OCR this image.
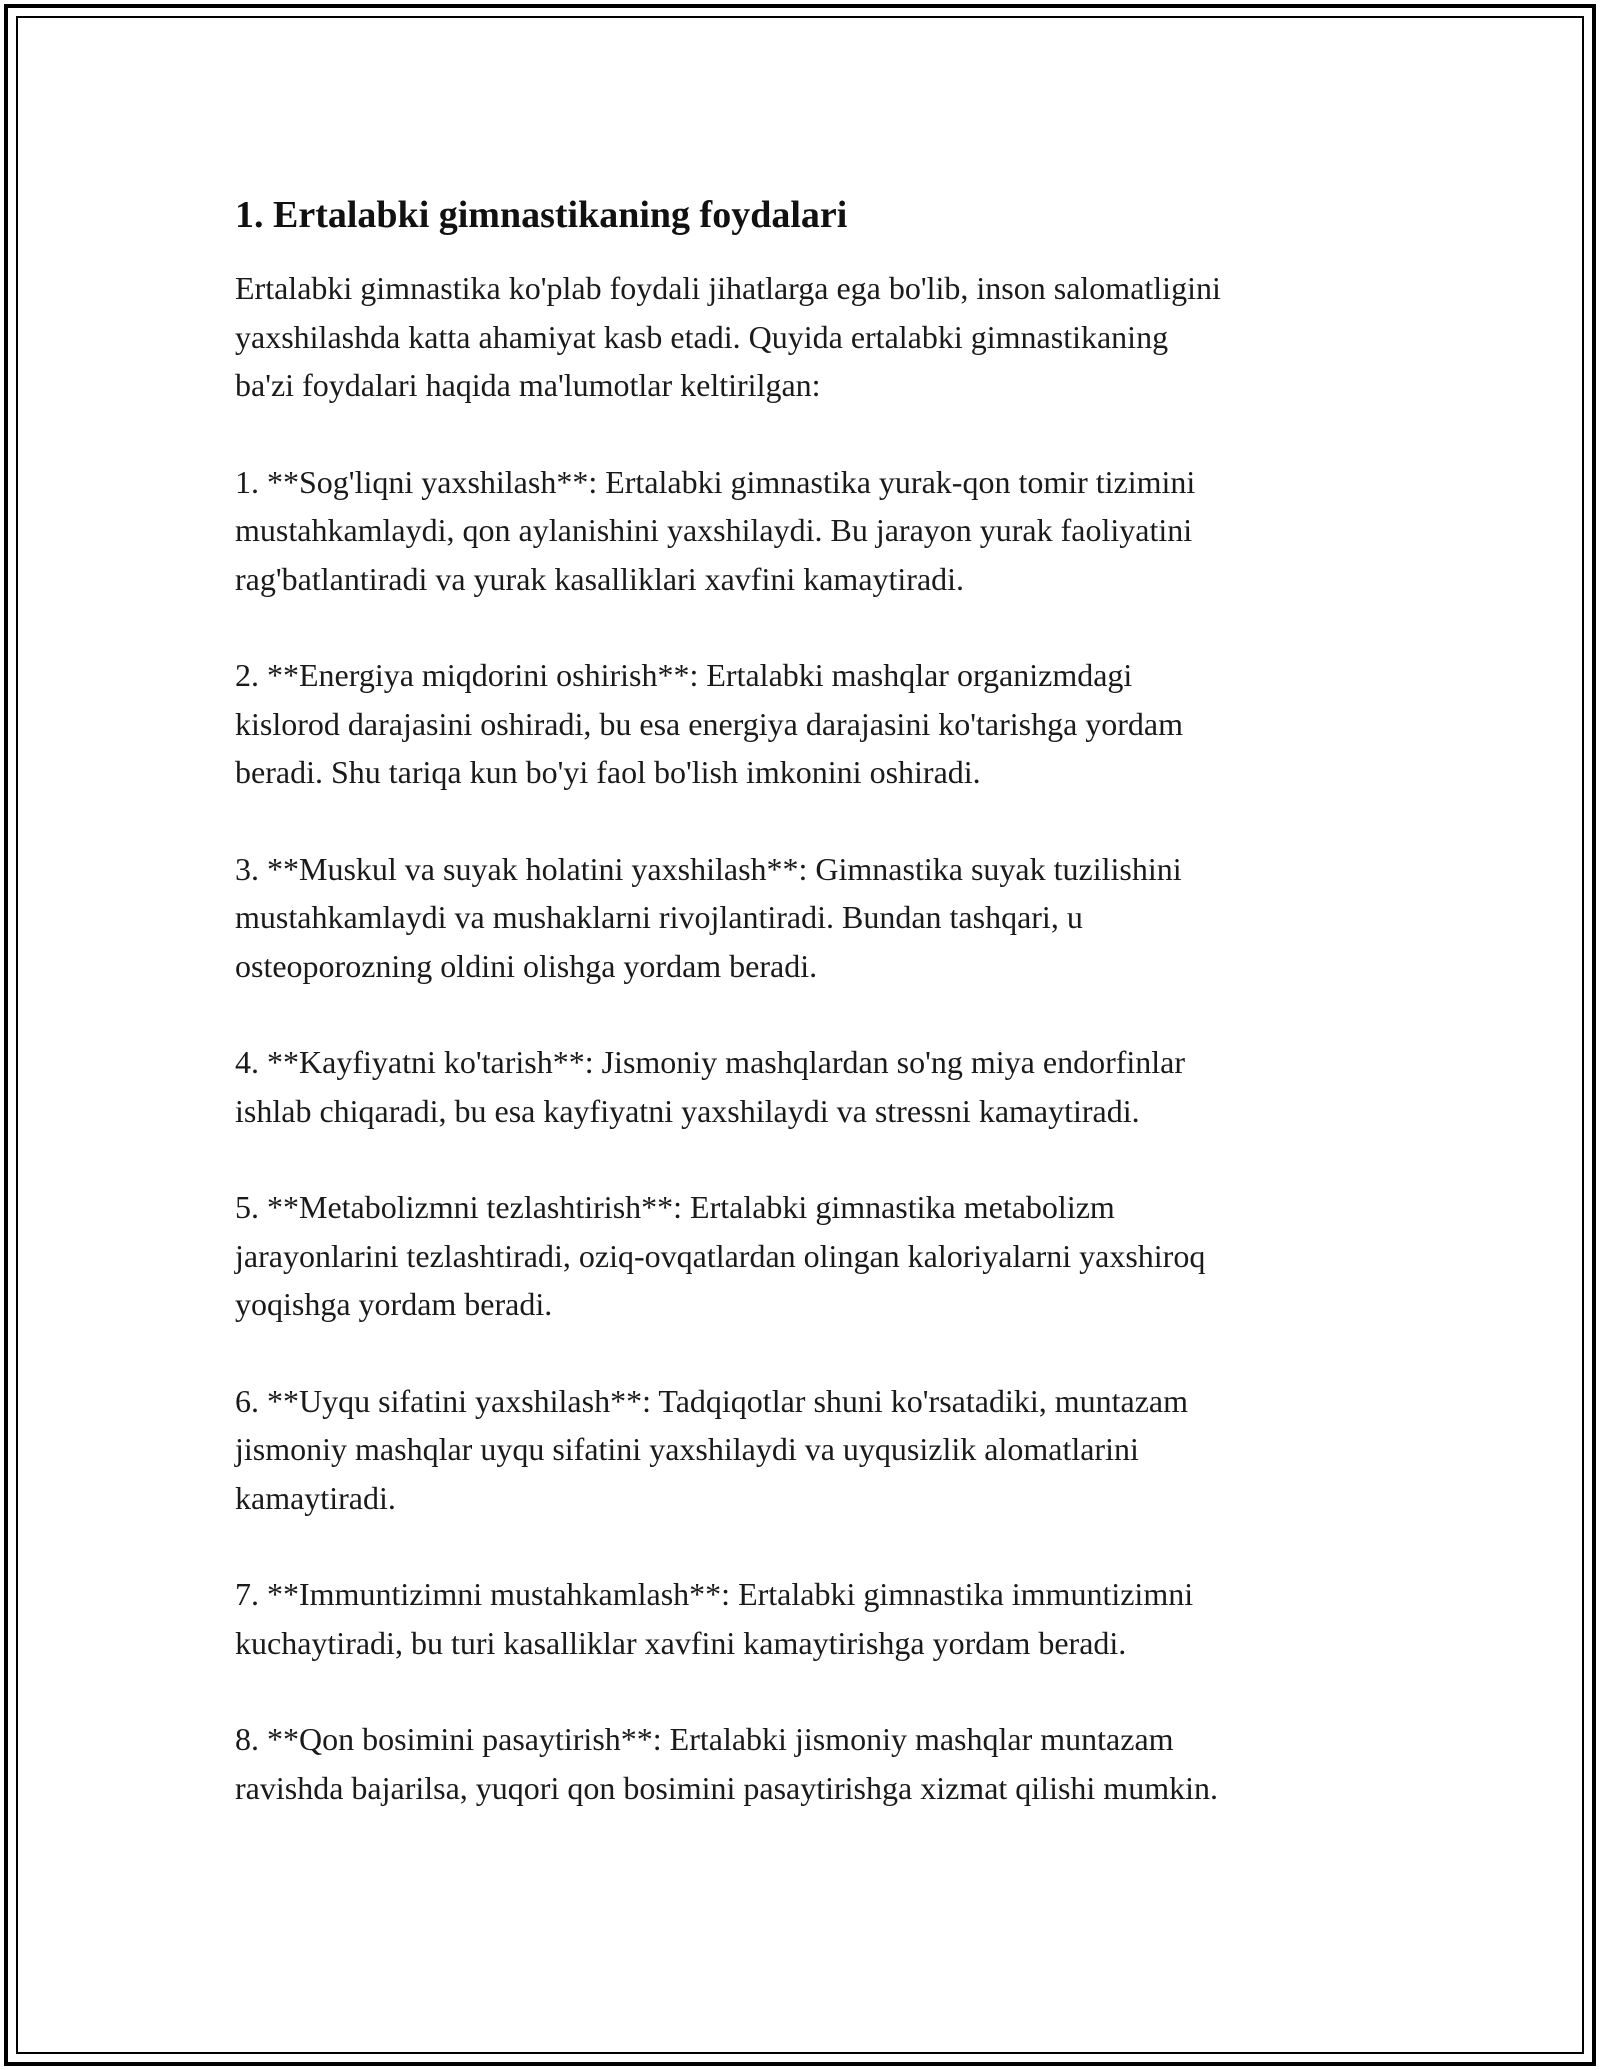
1. Ertalabki gimnastikaning foydalari

Ertalabki gimnastika ko'plab foydali jihatlarga ega bo'lib, inson salomatligini
yaxshilashda katta ahamiyat kasb etadi. Quyida ertalabki gimnastikaning
ba'zi foydalari haqida ma'lumotlar keltirilgan:

1. **Sog'liqni yaxshilash**: Ertalabki gimnastika yurak-qon tomir tizimini
mustahkamlaydi, qon aylanishini yaxshilaydi. Bu jarayon yurak faoliyatini
rag'batlantiradi va yurak kasalliklari xavfini kamaytiradi.
2. **Energiya miqdorini oshirish**: Ertalabki mashqlar organizmdagi
kislorod darajasini oshiradi, bu esa energiya darajasini ko'tarishga yordam
beradi. Shu tariqa kun bo'yi faol bo'lish imkonini oshiradi.
3. **Muskul va suyak holatini yaxshilash**: Gimnastika suyak tuzilishini
mustahkamlaydi va mushaklarni rivojlantiradi. Bundan tashqari, u
osteoporozning oldini olishga yordam beradi.
4. **Kayfiyatni ko'tarish**: Jismoniy mashqlardan so'ng miya endorfinlar
ishlab chiqaradi, bu esa kayfiyatni yaxshilaydi va stressni kamaytiradi.
5. **Metabolizmni tezlashtirish**: Ertalabki gimnastika metabolizm
jarayonlarini tezlashtiradi, oziq-ovqatlardan olingan kaloriyalarni yaxshiroq
yoqishga yordam beradi.
6. **Uyqu sifatini yaxshilash**: Tadqiqotlar shuni ko'rsatadiki, muntazam
jismoniy mashqlar uyqu sifatini yaxshilaydi va uyqusizlik alomatlarini
kamaytiradi.
7. **Immuntizimni mustahkamlash**: Ertalabki gimnastika immuntizimni
kuchaytiradi, bu turi kasalliklar xavfini kamaytirishga yordam beradi.
8. **Qon bosimini pasaytirish**: Ertalabki jismoniy mashqlar muntazam
ravishda bajarilsa, yuqori qon bosimini pasaytirishga xizmat qilishi mumkin.
